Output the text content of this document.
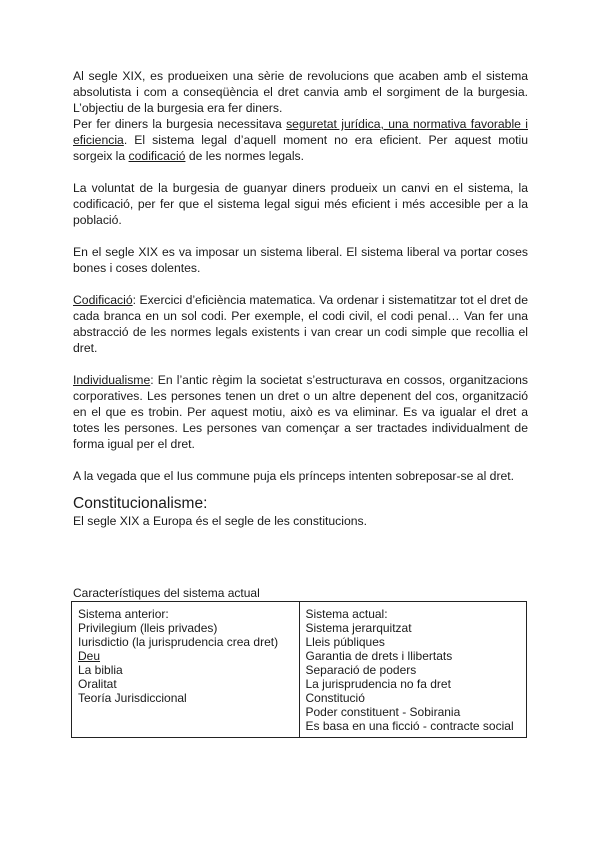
Al segle XIX, es produeixen una sèrie de revolucions que acaben amb el sistema absolutista i com a conseqüència el dret canvia amb el sorgiment de la burgesia. L’objectiu de la burgesia era fer diners.

Per fer diners la burgesia necessitava seguretat jurídica, una normativa favorable i eficiencia. El sistema legal d’aquell moment no era eficient. Per aquest motiu sorgeix la codificació de les normes legals.

La voluntat de la burgesia de guanyar diners produeix un canvi en el sistema, la codificació, per fer que el sistema legal sigui més eficient i més accesible per a la població.

En el segle XIX es va imposar un sistema liberal. El sistema liberal va portar coses bones i coses dolentes.

Codificació: Exercici d’eficiència matematica. Va ordenar i sistematitzar tot el dret de cada branca en un sol codi. Per exemple, el codi civil, el codi penal… Van fer una abstracció de les normes legals existents i van crear un codi simple que recollia el dret.

Individualisme: En l’antic règim la societat s’estructurava en cossos, organitzacions corporatives. Les persones tenen un dret o un altre depenent del cos, organització en el que es trobin. Per aquest motiu, això es va eliminar. Es va igualar el dret a totes les persones. Les persones van començar a ser tractades individualment de forma igual per el dret.

A la vegada que el Ius commune puja els prínceps intenten sobreposar-se al dret.

Constitucionalisme:

El segle XIX a Europa és el segle de les constitucions.

Característiques del sistema actual
Sistema anterior:
Privilegium (lleis privades)
Iurisdictio (la jurisprudencia crea dret)
Deu
La biblia
Oralitat
Teoría Jurisdiccional

Sistema actual:
Sistema jerarquitzat
Lleis públiques
Garantia de drets i llibertats
Separació de poders
La jurisprudencia no fa dret
Constitució
Poder constituent - Sobirania
Es basa en una ficció - contracte social
